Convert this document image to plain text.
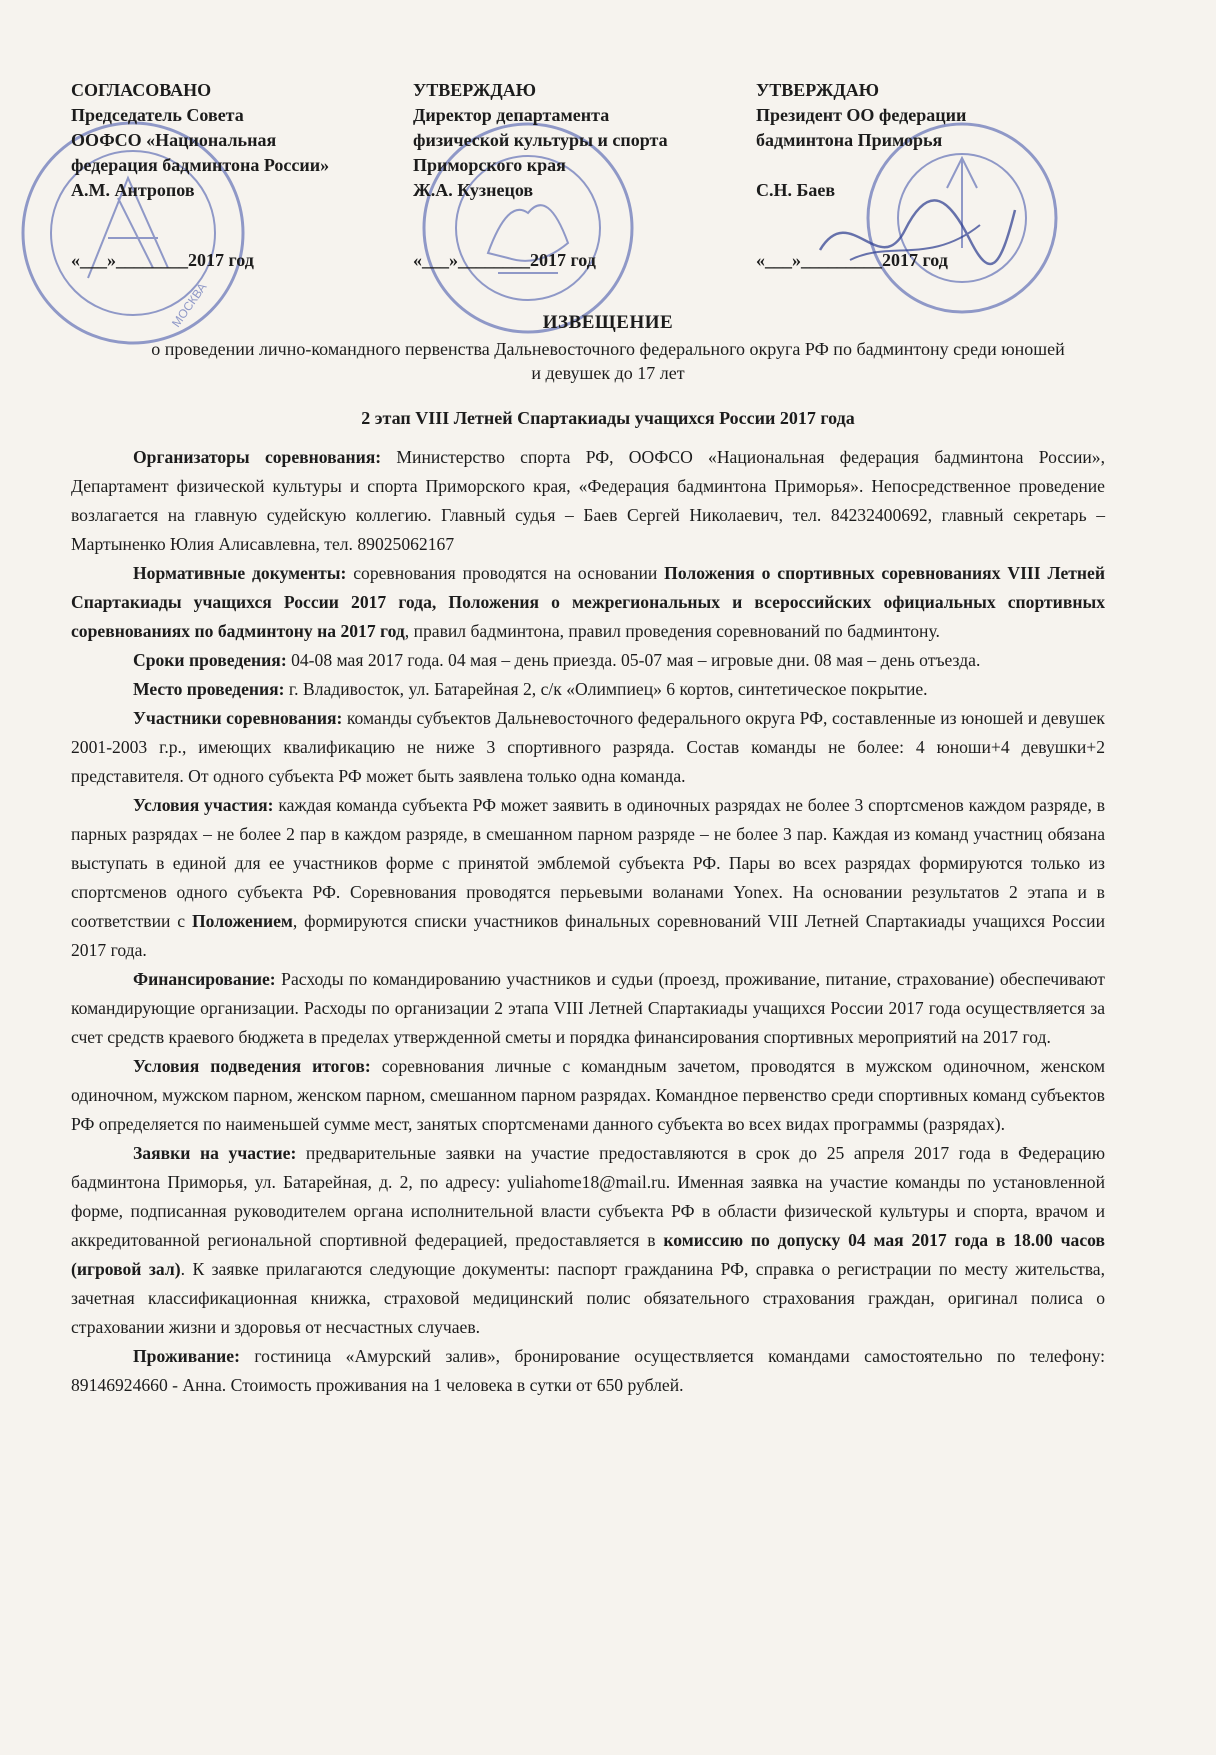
МОСКВА
СОГЛАСОВАНО
Председатель Совета
ООФСО «Национальная
федерация бадминтона России»
А.М. Антропов
«___»________2017 год
УТВЕРЖДАЮ
Директор департамента
физической культуры и спорта
Приморского края
Ж.А. Кузнецов
«___»________2017 год
УТВЕРЖДАЮ
Президент ОО федерации
бадминтона Приморья
С.Н. Баев
«___»_________2017 год
ИЗВЕЩЕНИЕ
о проведении лично-командного первенства Дальневосточного федерального округа РФ по бадминтону среди юношей и девушек до 17 лет
2 этап VIII Летней Спартакиады учащихся России 2017 года

Организаторы соревнования: Министерство спорта РФ, ООФСО «Национальная федерация бадминтона России», Департамент физической культуры и спорта Приморского края, «Федерация бадминтона Приморья». Непосредственное проведение возлагается на главную судейскую коллегию. Главный судья – Баев Сергей Николаевич, тел. 84232400692, главный секретарь – Мартыненко Юлия Алисавлевна, тел. 89025062167

Нормативные документы: соревнования проводятся на основании Положения о спортивных соревнованиях VIII Летней Спартакиады учащихся России 2017 года, Положения о межрегиональных и всероссийских официальных спортивных соревнованиях по бадминтону на 2017 год, правил бадминтона, правил проведения соревнований по бадминтону.

Сроки проведения: 04-08 мая 2017 года. 04 мая – день приезда. 05-07 мая – игровые дни. 08 мая – день отъезда.

Место проведения: г. Владивосток, ул. Батарейная 2, с/к «Олимпиец» 6 кортов, синтетическое покрытие.

Участники соревнования: команды субъектов Дальневосточного федерального округа РФ, составленные из юношей и девушек 2001-2003 г.р., имеющих квалификацию не ниже 3 спортивного разряда. Состав команды не более: 4 юноши+4 девушки+2 представителя. От одного субъекта РФ может быть заявлена только одна команда.

Условия участия: каждая команда субъекта РФ может заявить в одиночных разрядах не более 3 спортсменов каждом разряде, в парных разрядах – не более 2 пар в каждом разряде, в смешанном парном разряде – не более 3 пар. Каждая из команд участниц обязана выступать в единой для ее участников форме с принятой эмблемой субъекта РФ. Пары во всех разрядах формируются только из спортсменов одного субъекта РФ. Соревнования проводятся перьевыми воланами Yonex. На основании результатов 2 этапа и в соответствии с Положением, формируются списки участников финальных соревнований VIII Летней Спартакиады учащихся России 2017 года.

Финансирование: Расходы по командированию участников и судьи (проезд, проживание, питание, страхование) обеспечивают командирующие организации. Расходы по организации 2 этапа VIII Летней Спартакиады учащихся России 2017 года осуществляется за счет средств краевого бюджета в пределах утвержденной сметы и порядка финансирования спортивных мероприятий на 2017 год.

Условия подведения итогов: соревнования личные с командным зачетом, проводятся в мужском одиночном, женском одиночном, мужском парном, женском парном, смешанном парном разрядах. Командное первенство среди спортивных команд субъектов РФ определяется по наименьшей сумме мест, занятых спортсменами данного субъекта во всех видах программы (разрядах).

Заявки на участие: предварительные заявки на участие предоставляются в срок до 25 апреля 2017 года в Федерацию бадминтона Приморья, ул. Батарейная, д. 2, по адресу: yuliahome18@mail.ru. Именная заявка на участие команды по установленной форме, подписанная руководителем органа исполнительной власти субъекта РФ в области физической культуры и спорта, врачом и аккредитованной региональной спортивной федерацией, предоставляется в комиссию по допуску 04 мая 2017 года в 18.00 часов (игровой зал). К заявке прилагаются следующие документы: паспорт гражданина РФ, справка о регистрации по месту жительства, зачетная классификационная книжка, страховой медицинский полис обязательного страхования граждан, оригинал полиса о страховании жизни и здоровья от несчастных случаев.

Проживание: гостиница «Амурский залив», бронирование осуществляется командами самостоятельно по телефону: 89146924660 - Анна. Стоимость проживания на 1 человека в сутки от 650 рублей.
